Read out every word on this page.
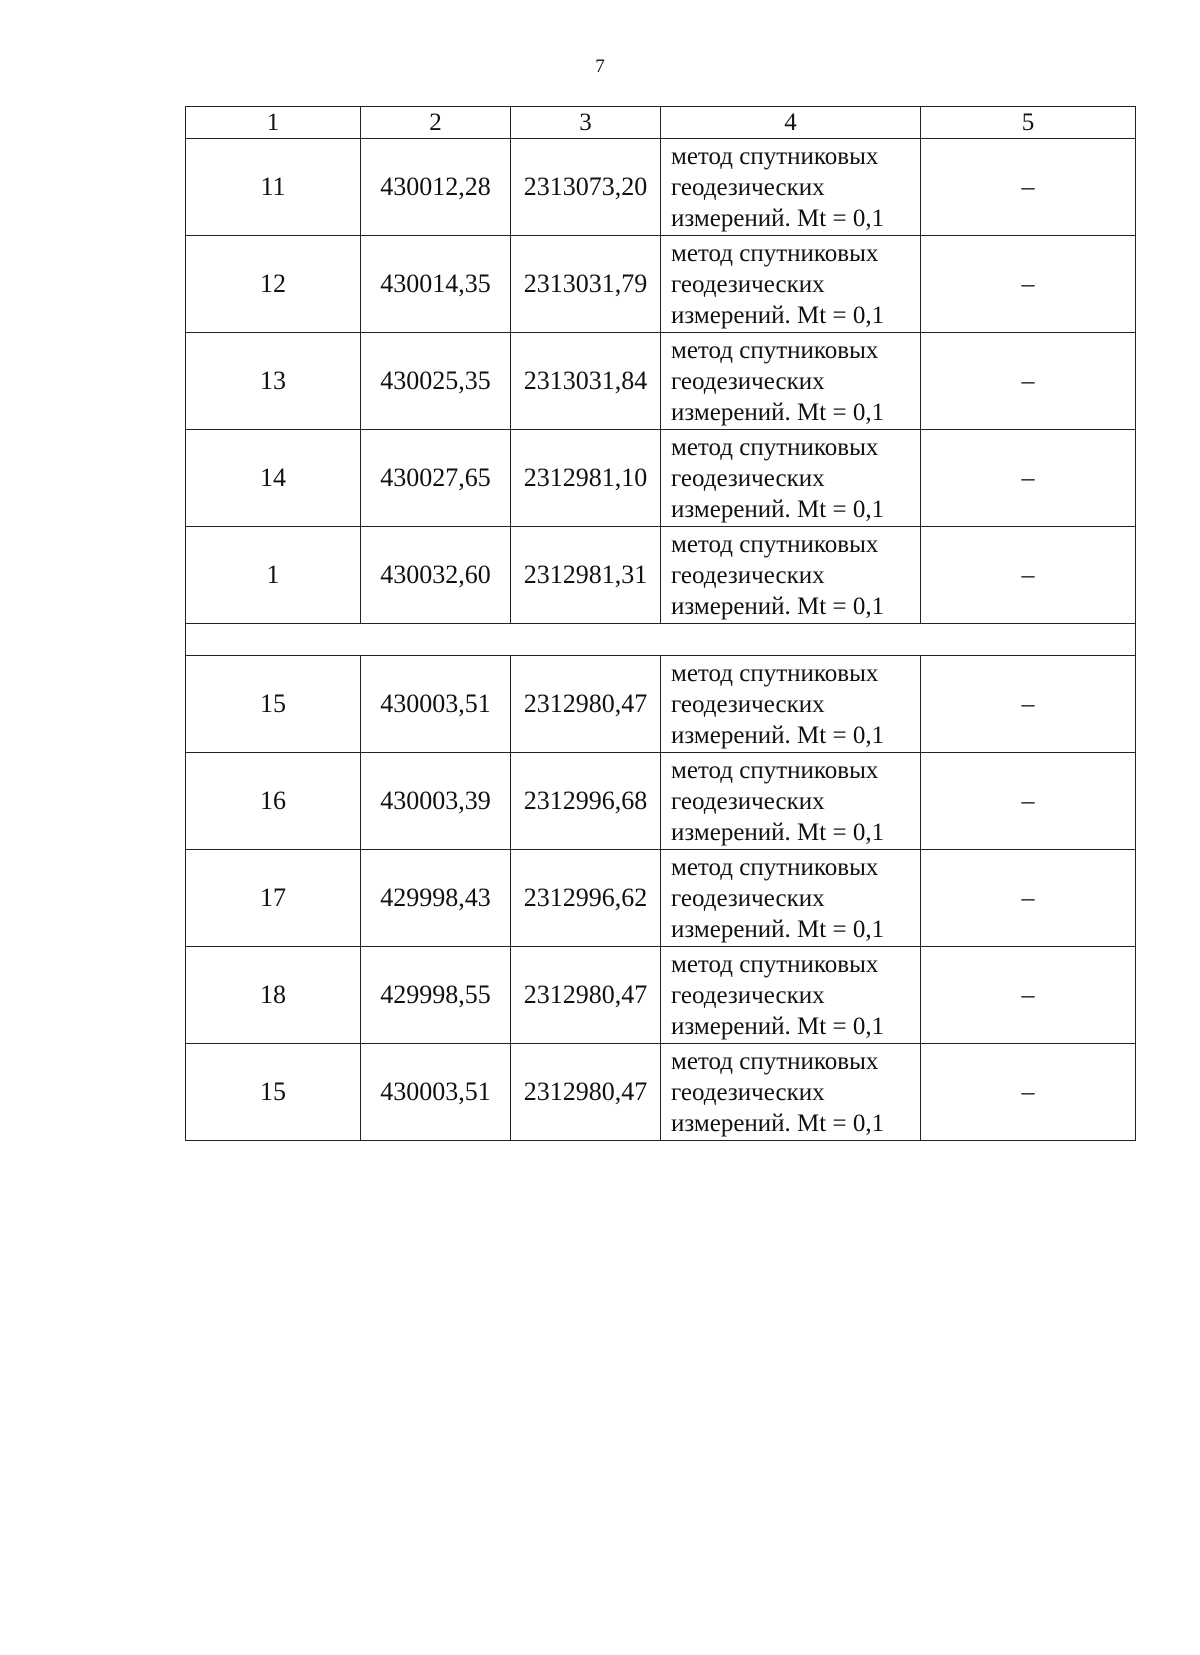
7
1	2	3	4	5
11	430012,28	2313073,20	метод спутниковых
геодезических
измерений. Mt = 0,1	–
12	430014,35	2313031,79	метод спутниковых
геодезических
измерений. Mt = 0,1	–
13	430025,35	2313031,84	метод спутниковых
геодезических
измерений. Mt = 0,1	–
14	430027,65	2312981,10	метод спутниковых
геодезических
измерений. Mt = 0,1	–
1	430032,60	2312981,31	метод спутниковых
геодезических
измерений. Mt = 0,1	–

15	430003,51	2312980,47	метод спутниковых
геодезических
измерений. Mt = 0,1	–
16	430003,39	2312996,68	метод спутниковых
геодезических
измерений. Mt = 0,1	–
17	429998,43	2312996,62	метод спутниковых
геодезических
измерений. Mt = 0,1	–
18	429998,55	2312980,47	метод спутниковых
геодезических
измерений. Mt = 0,1	–
15	430003,51	2312980,47	метод спутниковых
геодезических
измерений. Mt = 0,1	–
